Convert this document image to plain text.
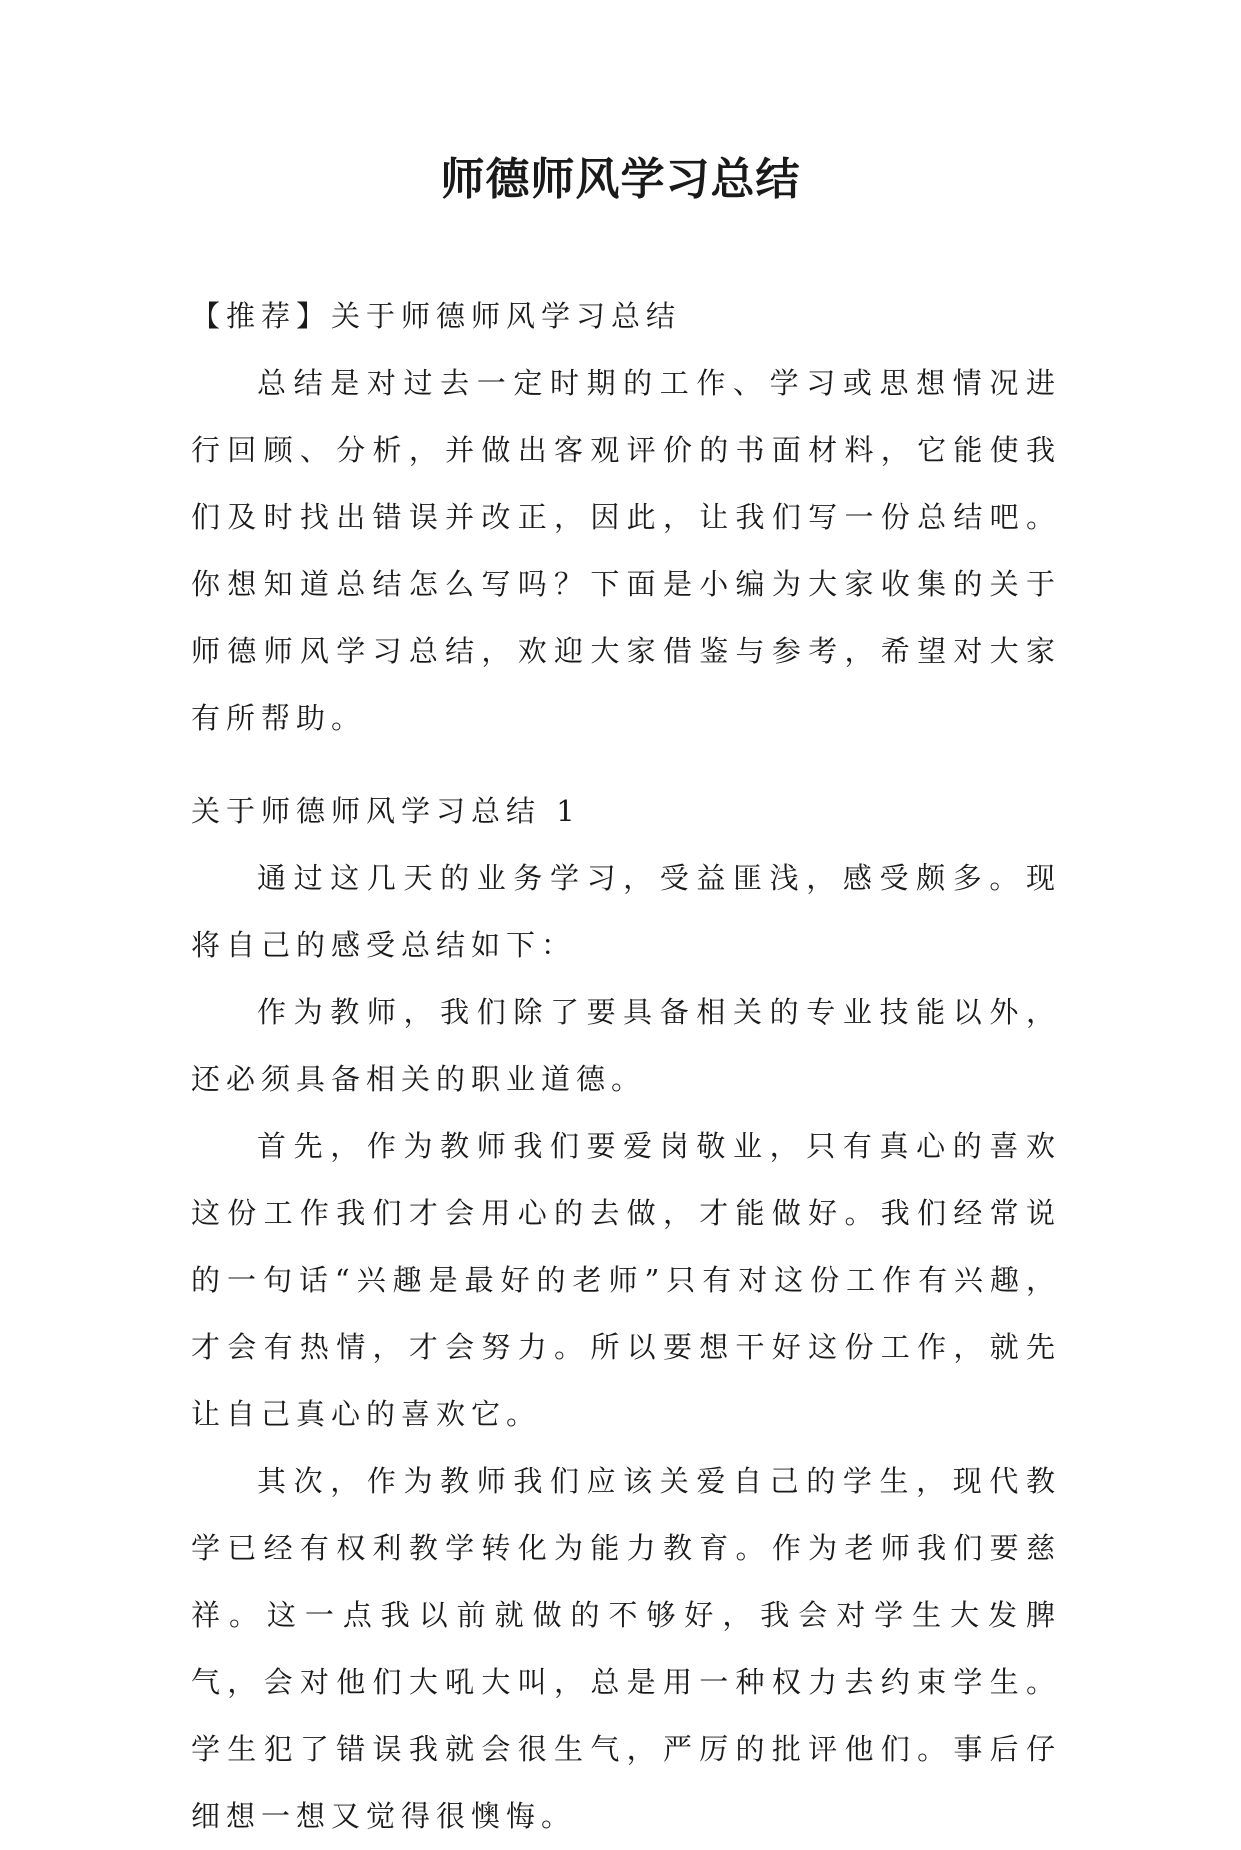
师德师风学习总结

【推荐】关于师德师风学习总结

总结是对过去一定时期的工作、学习或思想情况进行回顾、分析，并做出客观评价的书面材料，它能使我们及时找出错误并改正，因此，让我们写一份总结吧。你想知道总结怎么写吗？下面是小编为大家收集的关于师德师风学习总结，欢迎大家借鉴与参考，希望对大家有所帮助。

关于师德师风学习总结 1

通过这几天的业务学习，受益匪浅，感受颇多。现将自己的感受总结如下：

作为教师，我们除了要具备相关的专业技能以外，还必须具备相关的职业道德。

首先，作为教师我们要爱岗敬业，只有真心的喜欢这份工作我们才会用心的去做，才能做好。我们经常说的一句话“兴趣是最好的老师”只有对这份工作有兴趣，才会有热情，才会努力。所以要想干好这份工作，就先让自己真心的喜欢它。

其次，作为教师我们应该关爱自己的学生，现代教学已经有权利教学转化为能力教育。作为老师我们要慈祥。这一点我以前就做的不够好，我会对学生大发脾气，会对他们大吼大叫，总是用一种权力去约束学生。学生犯了错误我就会很生气，严厉的批评他们。事后仔细想一想又觉得很懊悔。
